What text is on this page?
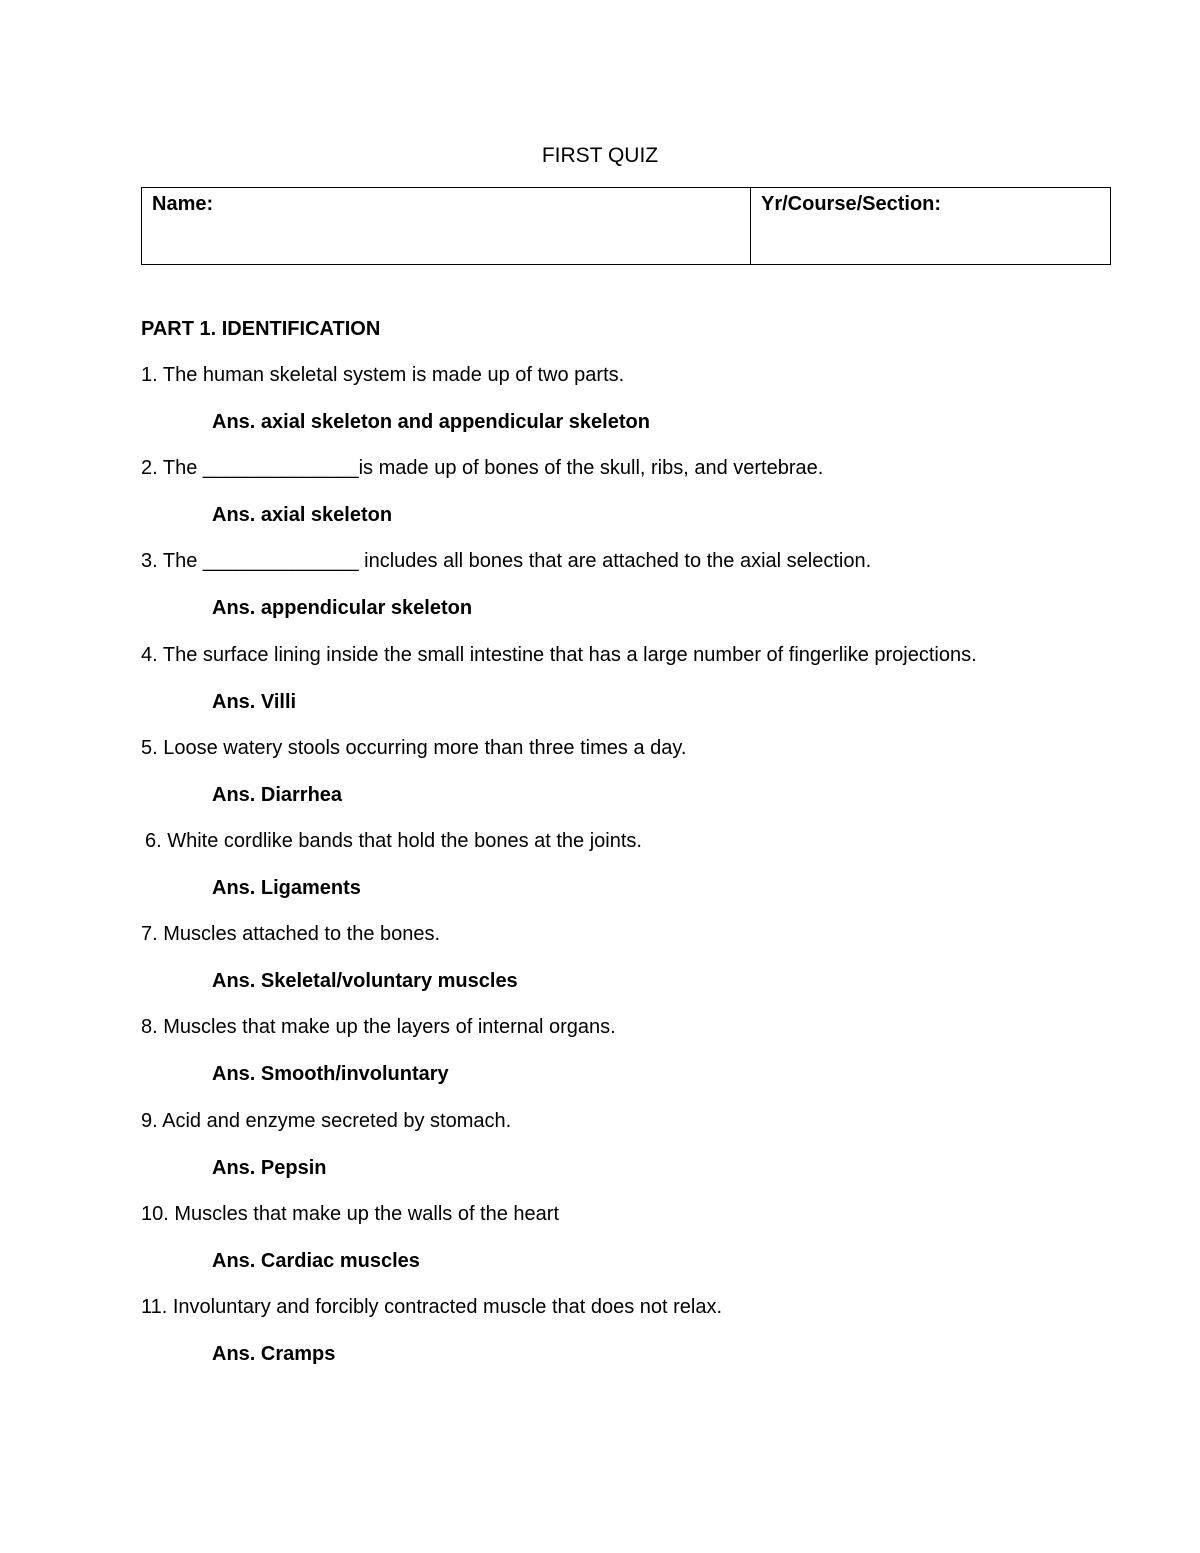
FIRST QUIZ
Name:	Yr/Course/Section:
PART 1. IDENTIFICATION
1. The human skeletal system is made up of two parts.
Ans. axial skeleton and appendicular skeleton
2. The ______________is made up of bones of the skull, ribs, and vertebrae.
Ans. axial skeleton
3. The ______________ includes all bones that are attached to the axial selection.
Ans. appendicular skeleton
4. The surface lining inside the small intestine that has a large number of fingerlike projections.
Ans. Villi
5. Loose watery stools occurring more than three times a day.
Ans. Diarrhea
6. White cordlike bands that hold the bones at the joints.
Ans. Ligaments
7. Muscles attached to the bones.
Ans. Skeletal/voluntary muscles
8. Muscles that make up the layers of internal organs.
Ans. Smooth/involuntary
9. Acid and enzyme secreted by stomach.
Ans. Pepsin
10. Muscles that make up the walls of the heart
Ans. Cardiac muscles
11. Involuntary and forcibly contracted muscle that does not relax.
Ans. Cramps
